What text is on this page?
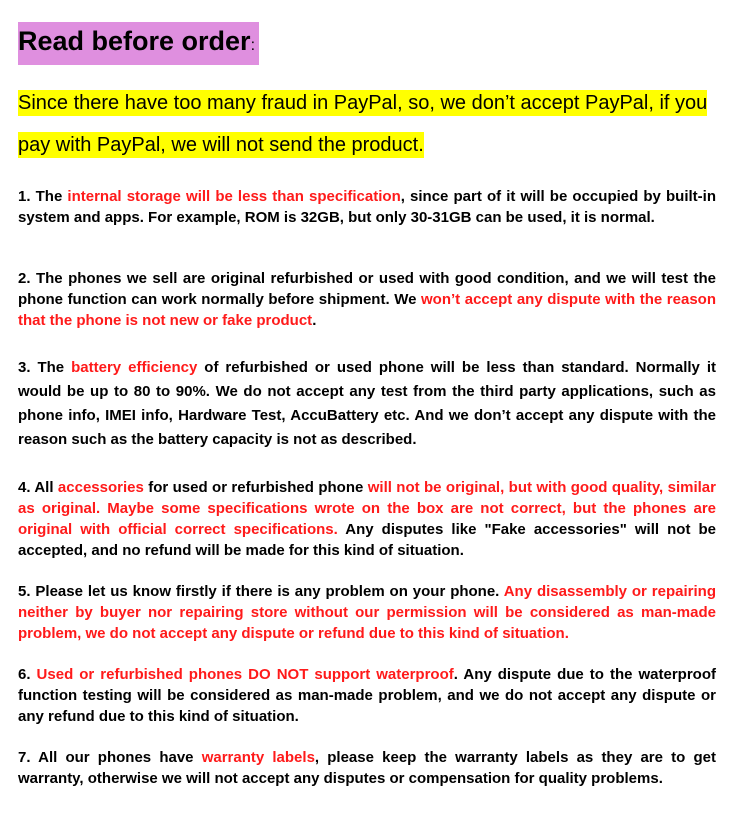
Read before order:
Since there have too many fraud in PayPal, so, we don’t accept PayPal, if you pay with PayPal, we will not send the product.
1. The internal storage will be less than specification, since part of it will be occupied by built-in system and apps. For example, ROM is 32GB, but only 30-31GB can be used, it is normal.
2. The phones we sell are original refurbished or used with good condition, and we will test the phone function can work normally before shipment. We won’t accept any dispute with the reason that the phone is not new or fake product.
3. The battery efficiency of refurbished or used phone will be less than standard. Normally it would be up to 80 to 90%. We do not accept any test from the third party applications, such as phone info, IMEI info, Hardware Test, AccuBattery etc. And we don’t accept any dispute with the reason such as the battery capacity is not as described.
4. All accessories for used or refurbished phone will not be original, but with good quality, similar as original. Maybe some specifications wrote on the box are not correct, but the phones are original with official correct specifications. Any disputes like "Fake accessories" will not be accepted, and no refund will be made for this kind of situation.
5. Please let us know firstly if there is any problem on your phone. Any disassembly or repairing neither by buyer nor repairing store without our permission will be considered as man-made problem, we do not accept any dispute or refund due to this kind of situation.
6. Used or refurbished phones DO NOT support waterproof. Any dispute due to the waterproof function testing will be considered as man-made problem, and we do not accept any dispute or any refund due to this kind of situation.
7. All our phones have warranty labels, please keep the warranty labels as they are to get warranty, otherwise we will not accept any disputes or compensation for quality problems.
